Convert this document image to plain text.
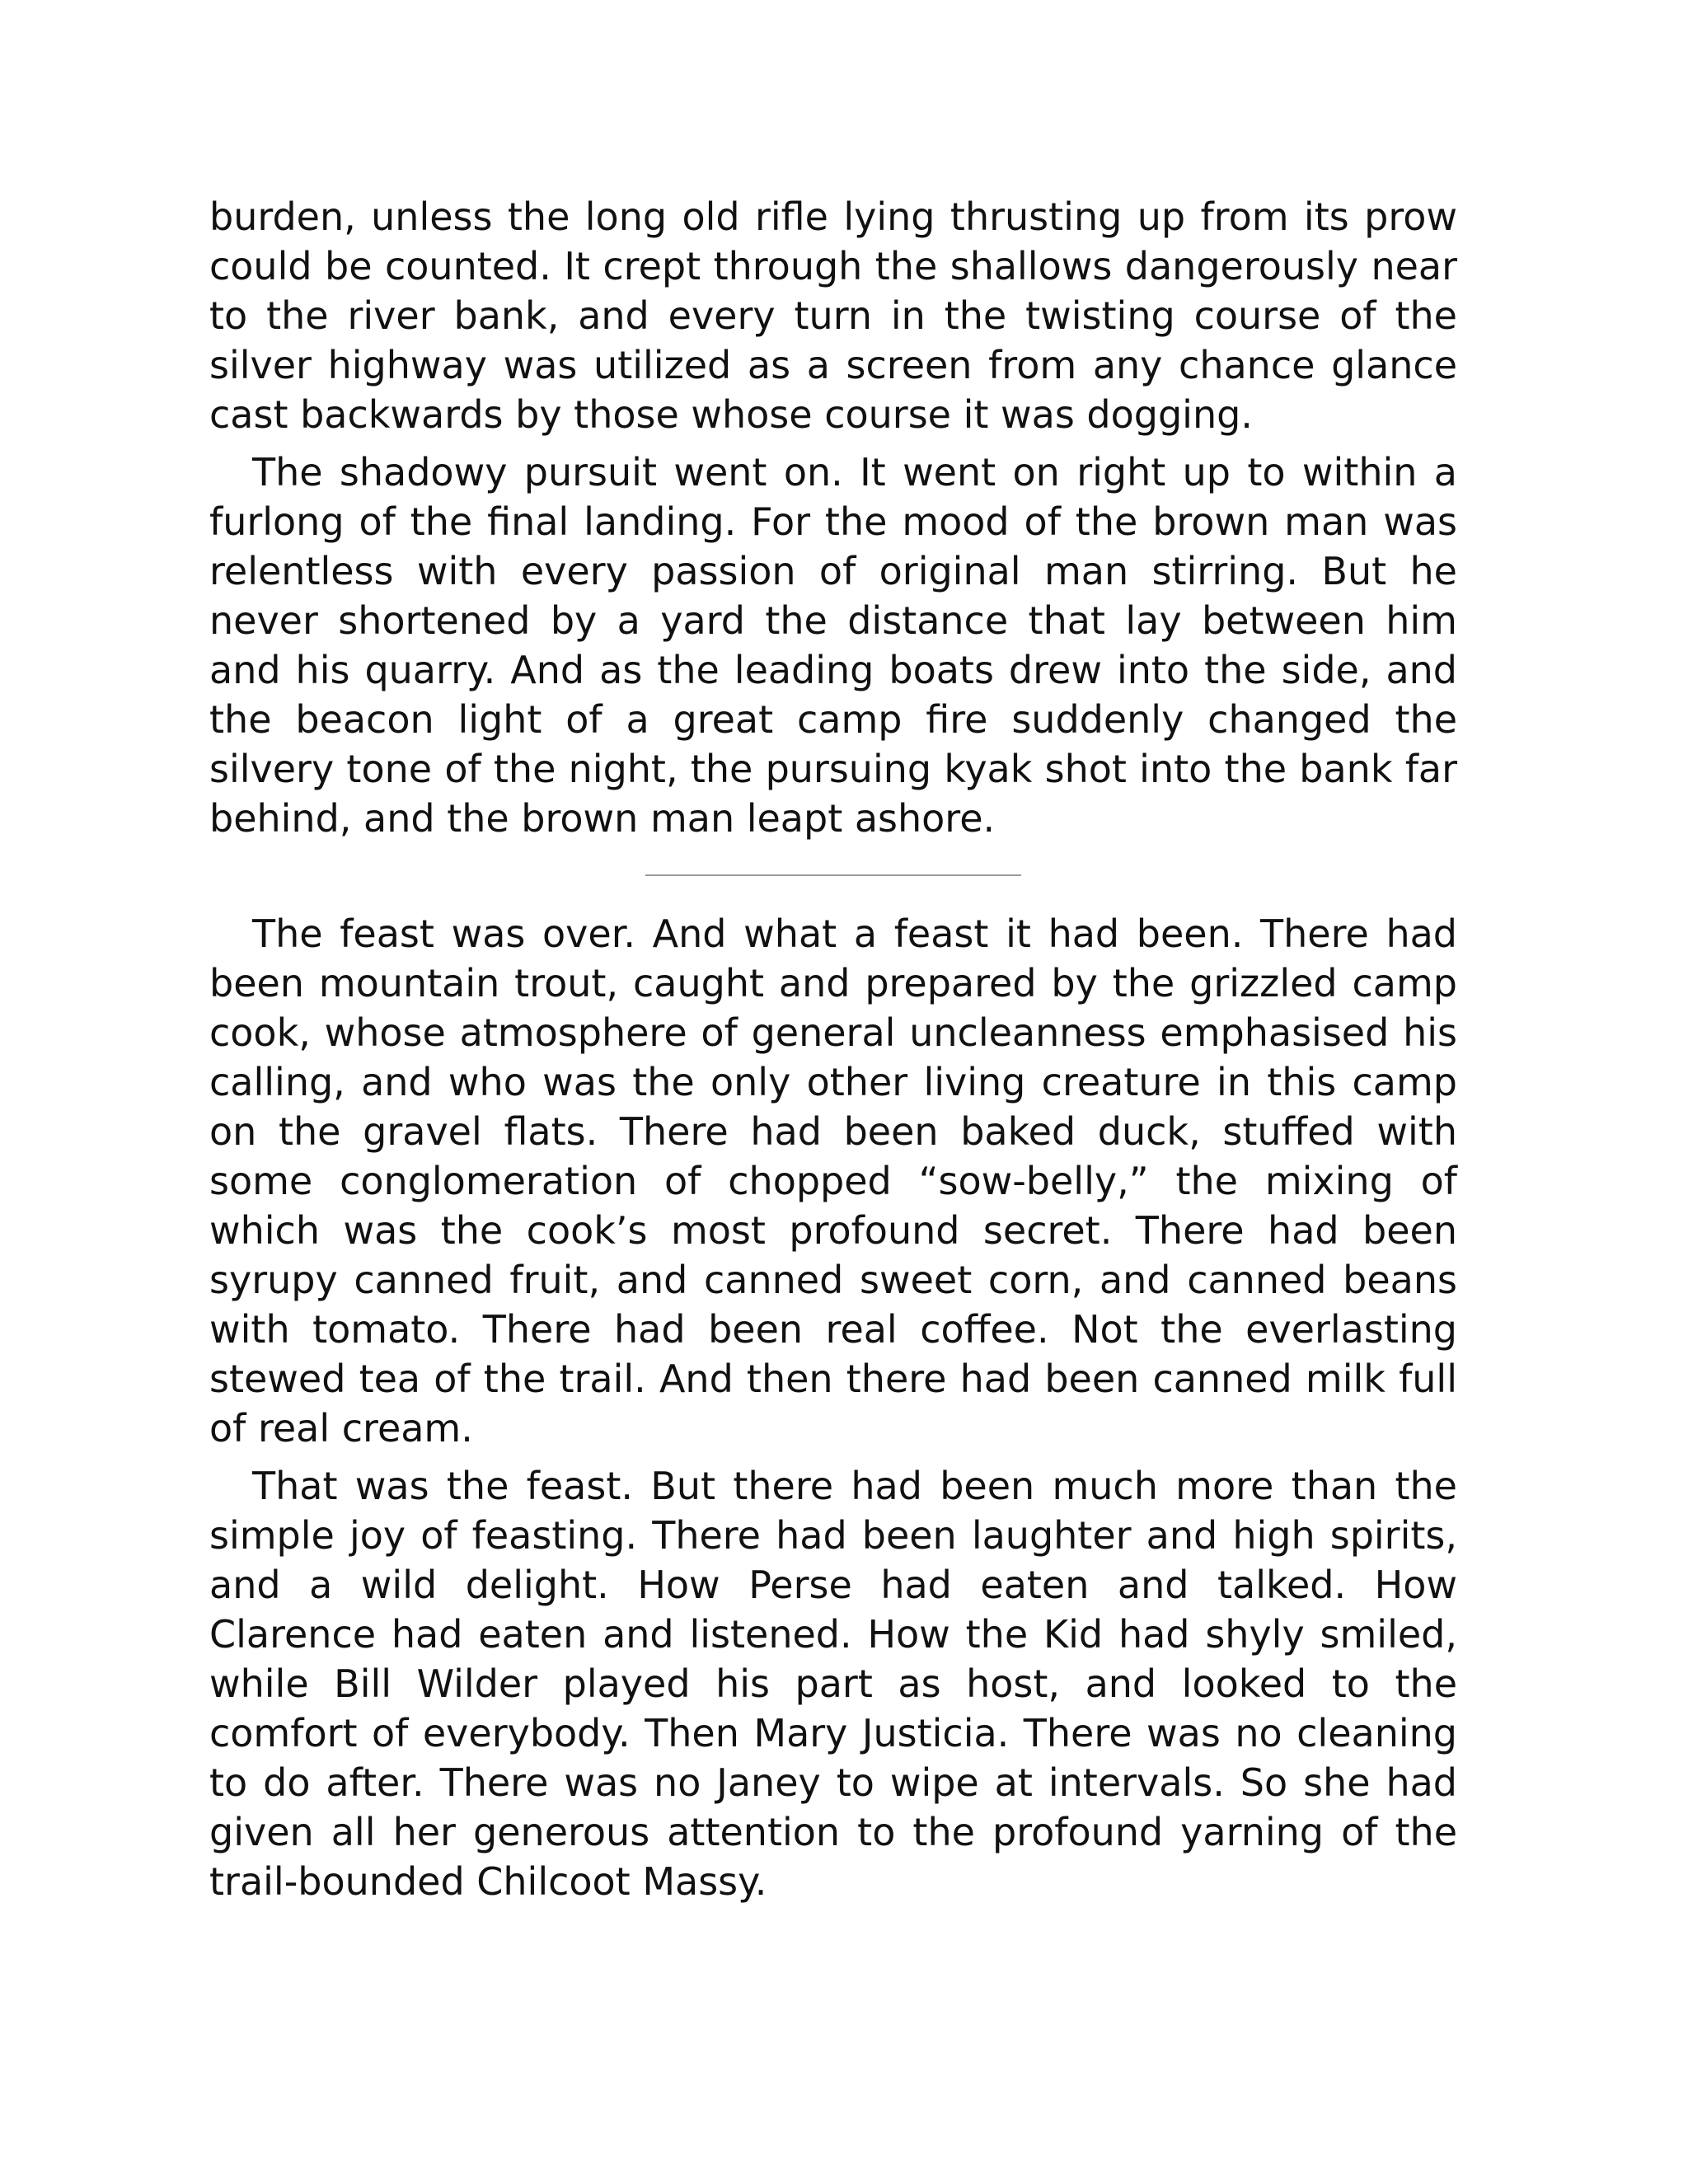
burden, unless the long old rifle lying thrusting up from its prow could be counted. It crept through the shallows dangerously near to the river bank, and every turn in the twisting course of the silver highway was utilized as a screen from any chance glance cast backwards by those whose course it was dogging.

The shadowy pursuit went on. It went on right up to within a furlong of the final landing. For the mood of the brown man was relentless with every passion of original man stirring. But he never shortened by a yard the distance that lay between him and his quarry. And as the leading boats drew into the side, and the beacon light of a great camp fire suddenly changed the silvery tone of the night, the pursuing kyak shot into the bank far behind, and the brown man leapt ashore.

The feast was over. And what a feast it had been. There had been mountain trout, caught and prepared by the grizzled camp cook, whose atmosphere of general uncleanness emphasised his calling, and who was the only other living creature in this camp on the gravel flats. There had been baked duck, stuffed with some conglomeration of chopped “sow-belly,” the mixing of which was the cook’s most profound secret. There had been syrupy canned fruit, and canned sweet corn, and canned beans with tomato. There had been real coffee. Not the everlasting stewed tea of the trail. And then there had been canned milk full of real cream.

That was the feast. But there had been much more than the simple joy of feasting. There had been laughter and high spirits, and a wild delight. How Perse had eaten and talked. How Clarence had eaten and listened. How the Kid had shyly smiled, while Bill Wilder played his part as host, and looked to the comfort of everybody. Then Mary Justicia. There was no cleaning to do after. There was no Janey to wipe at intervals. So she had given all her generous attention to the profound yarning of the trail-bounded Chilcoot Massy.
